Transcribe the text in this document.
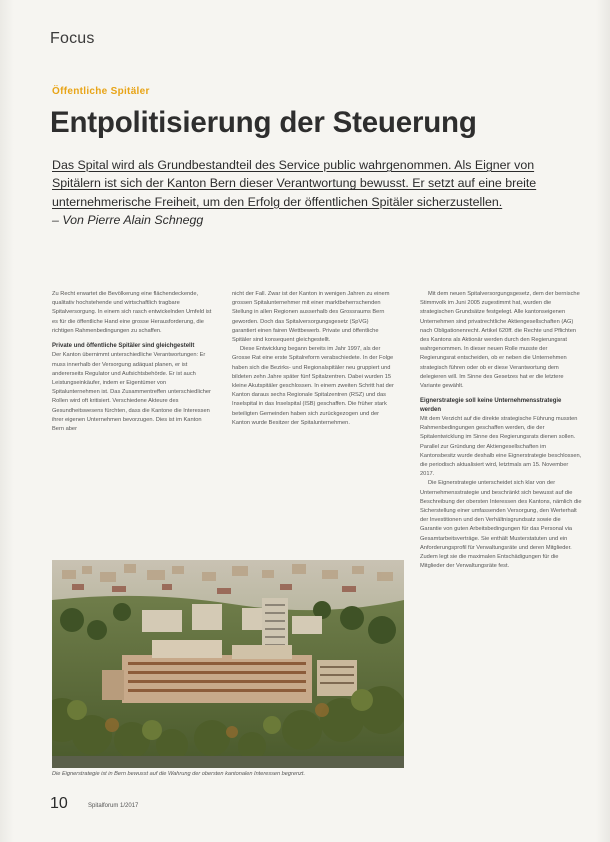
Focus
Öffentliche Spitäler
Entpolitisierung der Steuerung
Das Spital wird als Grundbestandteil des Service public wahrgenommen. Als Eigner von
Spitälern ist sich der Kanton Bern dieser Verantwortung bewusst. Er setzt auf eine breite
unternehmerische Freiheit, um den Erfolg der öffentlichen Spitäler sicherzustellen.
– Von Pierre Alain Schnegg

Zu Recht erwartet die Bevölkerung eine flächendeckende, qualitativ hochstehende und wirtschaftlich tragbare Spitalversorgung. In einem sich rasch entwickelnden Umfeld ist es für die öffentliche Hand eine grosse Herausforderung, die richtigen Rahmenbedingungen zu schaffen.

Private und öffentliche Spitäler sind gleichgestellt

Der Kanton übernimmt unterschiedliche Verantwortungen: Er muss innerhalb der Versorgung adäquat planen, er ist andererseits Regulator und Aufsichtsbehörde. Er ist auch Leistungseinkäufer, indem er Eigentümer von Spitalunternehmen ist. Das Zusammentreffen unterschiedlicher Rollen wird oft kritisiert. Verschiedene Akteure des Gesundheitswesens fürchten, dass die Kantone die Interessen ihrer eigenen Unternehmen bevorzugen. Dies ist im Kanton Bern aber

nicht der Fall. Zwar ist der Kanton in wenigen Jahren zu einem grossen Spitalunternehmer mit einer marktbeherrschenden Stellung in allen Regionen ausserhalb des Grossraums Bern geworden. Doch das Spitalversorgungsgesetz (SpVG) garantiert einen fairen Wettbewerb. Private und öffentliche Spitäler sind konsequent gleichgestellt.

Diese Entwicklung begann bereits im Jahr 1997, als der Grosse Rat eine erste Spitalreform verabschiedete. In der Folge haben sich die Bezirks- und Regionalspitäler neu gruppiert und bildeten zehn Jahre später fünf Spitalzentren. Dabei wurden 15 kleine Akutspitäler geschlossen. In einem zweiten Schritt hat der Kanton daraus sechs Regionale Spitalzentren (RSZ) und das Inselspital in das Inselspital (ISB) geschaffen. Die früher stark beteiligten Gemeinden haben sich zurückgezogen und der Kanton wurde Besitzer der Spitalunternehmen.

Mit dem neuen Spitalversorgungsgesetz, dem der bernische Stimmvolk im Juni 2005 zugestimmt hat, wurden die strategischen Grundsätze festgelegt. Alle kantonseigenen Unternehmen sind privatrechtliche Aktiengesellschaften (AG) nach Obligationenrecht. Artikel 620ff. die Rechte und Pflichten des Kantons als Aktionär werden durch den Regierungsrat wahrgenommen. In dieser neuen Rolle musste der Regierungsrat entscheiden, ob er neben die Unternehmen strategisch führen oder ob er diese Verantwortung dem delegieren will. Im Sinne des Gesetzes hat er die letztere Variante gewählt.

Eignerstrategie soll keine Unternehmensstrategie werden

Mit dem Verzicht auf die direkte strategische Führung mussten Rahmenbedingungen geschaffen werden, die der Spitalentwicklung im Sinne des Regierungsrats dienen sollen. Parallel zur Gründung der Aktiengesellschaften im Kantonsbesitz wurde deshalb eine Eignerstrategie beschlossen, die periodisch aktualisiert wird, letztmals am 15. November 2017.

Die Eignerstrategie unterscheidet sich klar von der Unternehmensstrategie und beschränkt sich bewusst auf die Beschreibung der obersten Interessen des Kantons, nämlich die Sicherstellung einer umfassenden Versorgung, den Werterhalt der Investitionen und den Verhältnisgrundsatz sowie die Garantie von guten Arbeitsbedingungen für das Personal via Gesamtarbeitsverträge. Sie enthält Musterstatuten und ein Anforderungsprofil für Verwaltungsräte und deren Mitglieder. Zudem legt sie die maximalen Entschädigungen für die Mitglieder der Verwaltungsräte fest.

Die Eignerstrategie ist in Bern bewusst auf die Wahrung der obersten kantonalen Interessen begrenzt.
10	Spitalforum 1/2017
